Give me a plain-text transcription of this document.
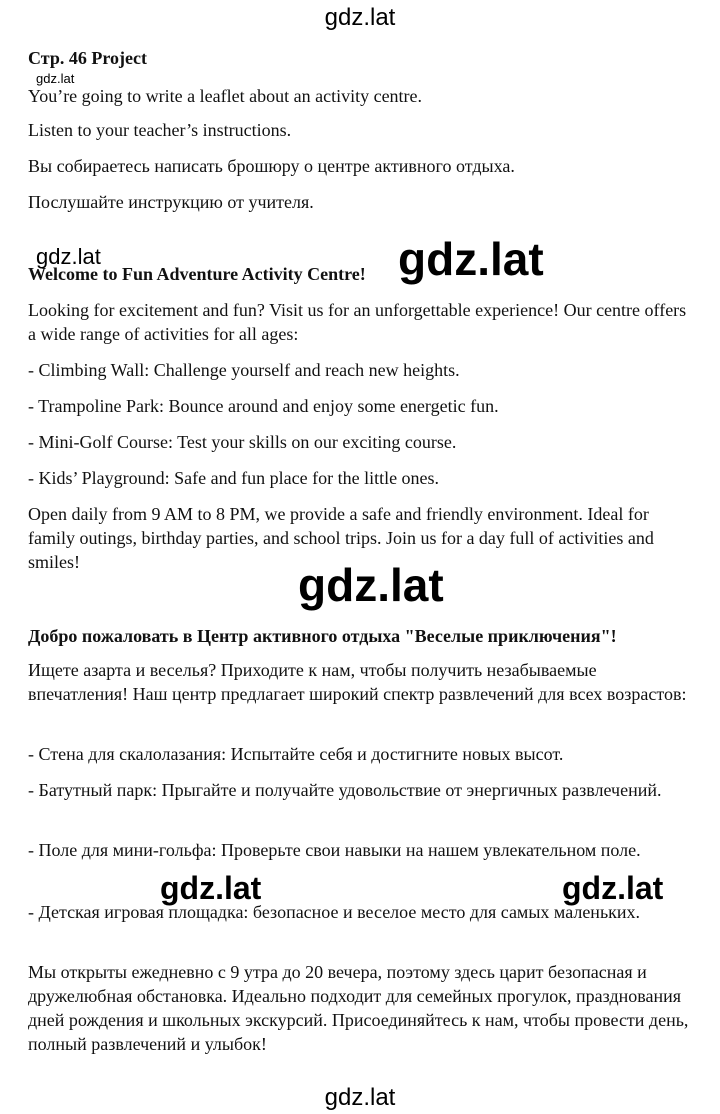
gdz.lat

Стр. 46 Project

You’re going to write a leaflet about an activity centre.

Listen to your teacher’s instructions.

Вы собираетесь написать брошюру о центре активного отдыха.

Послушайте инструкцию от учителя.

Welcome to Fun Adventure Activity Centre!

Looking for excitement and fun? Visit us for an unforgettable experience! Our centre offers a wide range of activities for all ages:

- Climbing Wall: Challenge yourself and reach new heights.

- Trampoline Park: Bounce around and enjoy some energetic fun.

- Mini-Golf Course: Test your skills on our exciting course.

- Kids’ Playground: Safe and fun place for the little ones.

Open daily from 9 AM to 8 PM, we provide a safe and friendly environment. Ideal for family outings, birthday parties, and school trips. Join us for a day full of activities and smiles!

Добро пожаловать в Центр активного отдыха "Веселые приключения"!

Ищете азарта и веселья? Приходите к нам, чтобы получить незабываемые впечатления! Наш центр предлагает широкий спектр развлечений для всех возрастов:

- Стена для скалолазания: Испытайте себя и достигните новых высот.

- Батутный парк: Прыгайте и получайте удовольствие от энергичных развлечений.

- Поле для мини-гольфа: Проверьте свои навыки на нашем увлекательном поле.

- Детская игровая площадка: безопасное и веселое место для самых маленьких.

Мы открыты ежедневно с 9 утра до 20 вечера, поэтому здесь царит безопасная и дружелюбная обстановка. Идеально подходит для семейных прогулок, празднования дней рождения и школьных экскурсий. Присоединяйтесь к нам, чтобы провести день, полный развлечений и улыбок!

gdz.lat
gdz.lat	gdz.lat
gdz.lat
gdz.lat	gdz.lat
gdz.lat
